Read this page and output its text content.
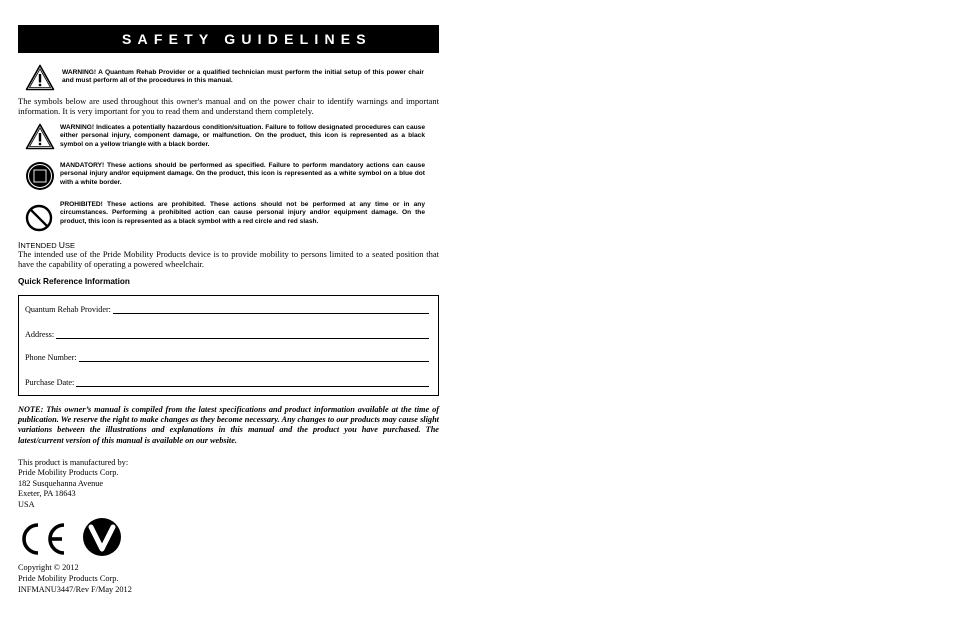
SAFETY GUIDELINES
WARNING! A Quantum Rehab Provider or a qualified technician must perform the initial setup of this power chair and must perform all of the procedures in this manual.
The symbols below are used throughout this owner's manual and on the power chair to identify warnings and important information. It is very important for you to read them and understand them completely.
WARNING! Indicates a potentially hazardous condition/situation. Failure to follow designated procedures can cause either personal injury, component damage, or malfunction. On the product, this icon is represented as a black symbol on a yellow triangle with a black border.
MANDATORY! These actions should be performed as specified. Failure to perform mandatory actions can cause personal injury and/or equipment damage. On the product, this icon is represented as a white symbol on a blue dot with a white border.
PROHIBITED! These actions are prohibited. These actions should not be performed at any time or in any circumstances. Performing a prohibited action can cause personal injury and/or equipment damage. On the product, this icon is represented as a black symbol with a red circle and red slash.
INTENDED USE
The intended use of the Pride Mobility Products device is to provide mobility to persons limited to a seated position that have the capability of operating a powered wheelchair.
Quick Reference Information
Quantum Rehab Provider:
Address:
Phone Number:
Purchase Date:
NOTE: This owner’s manual is compiled from the latest specifications and product information available at the time of publication. We reserve the right to make changes as they become necessary. Any changes to our products may cause slight variations between the illustrations and explanations in this manual and the product you have purchased. The latest/current version of this manual is available on our website.
This product is manufactured by:
Pride Mobility Products Corp.
182 Susquehanna Avenue
Exeter, PA 18643
USA
Copyright © 2012
Pride Mobility Products Corp.
INFMANU3447/Rev F/May 2012
